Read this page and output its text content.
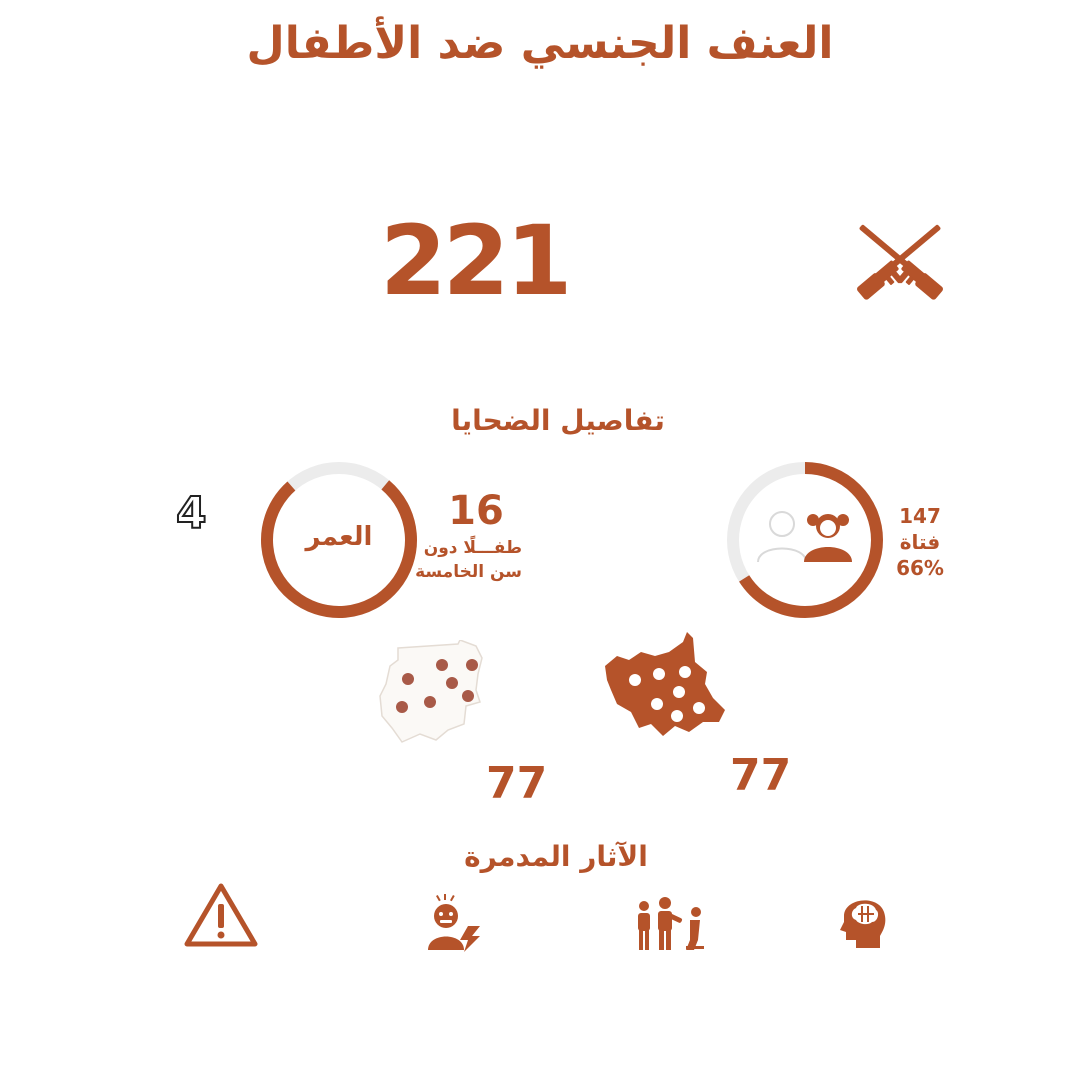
العنف الجنسي ضد الأطفال
221
تفاصيل الضحايا
147
فتاة
66%
العمر
16
طفـــلًا دون
سن الخامسة
4
77	77
الآثار المدمرة
